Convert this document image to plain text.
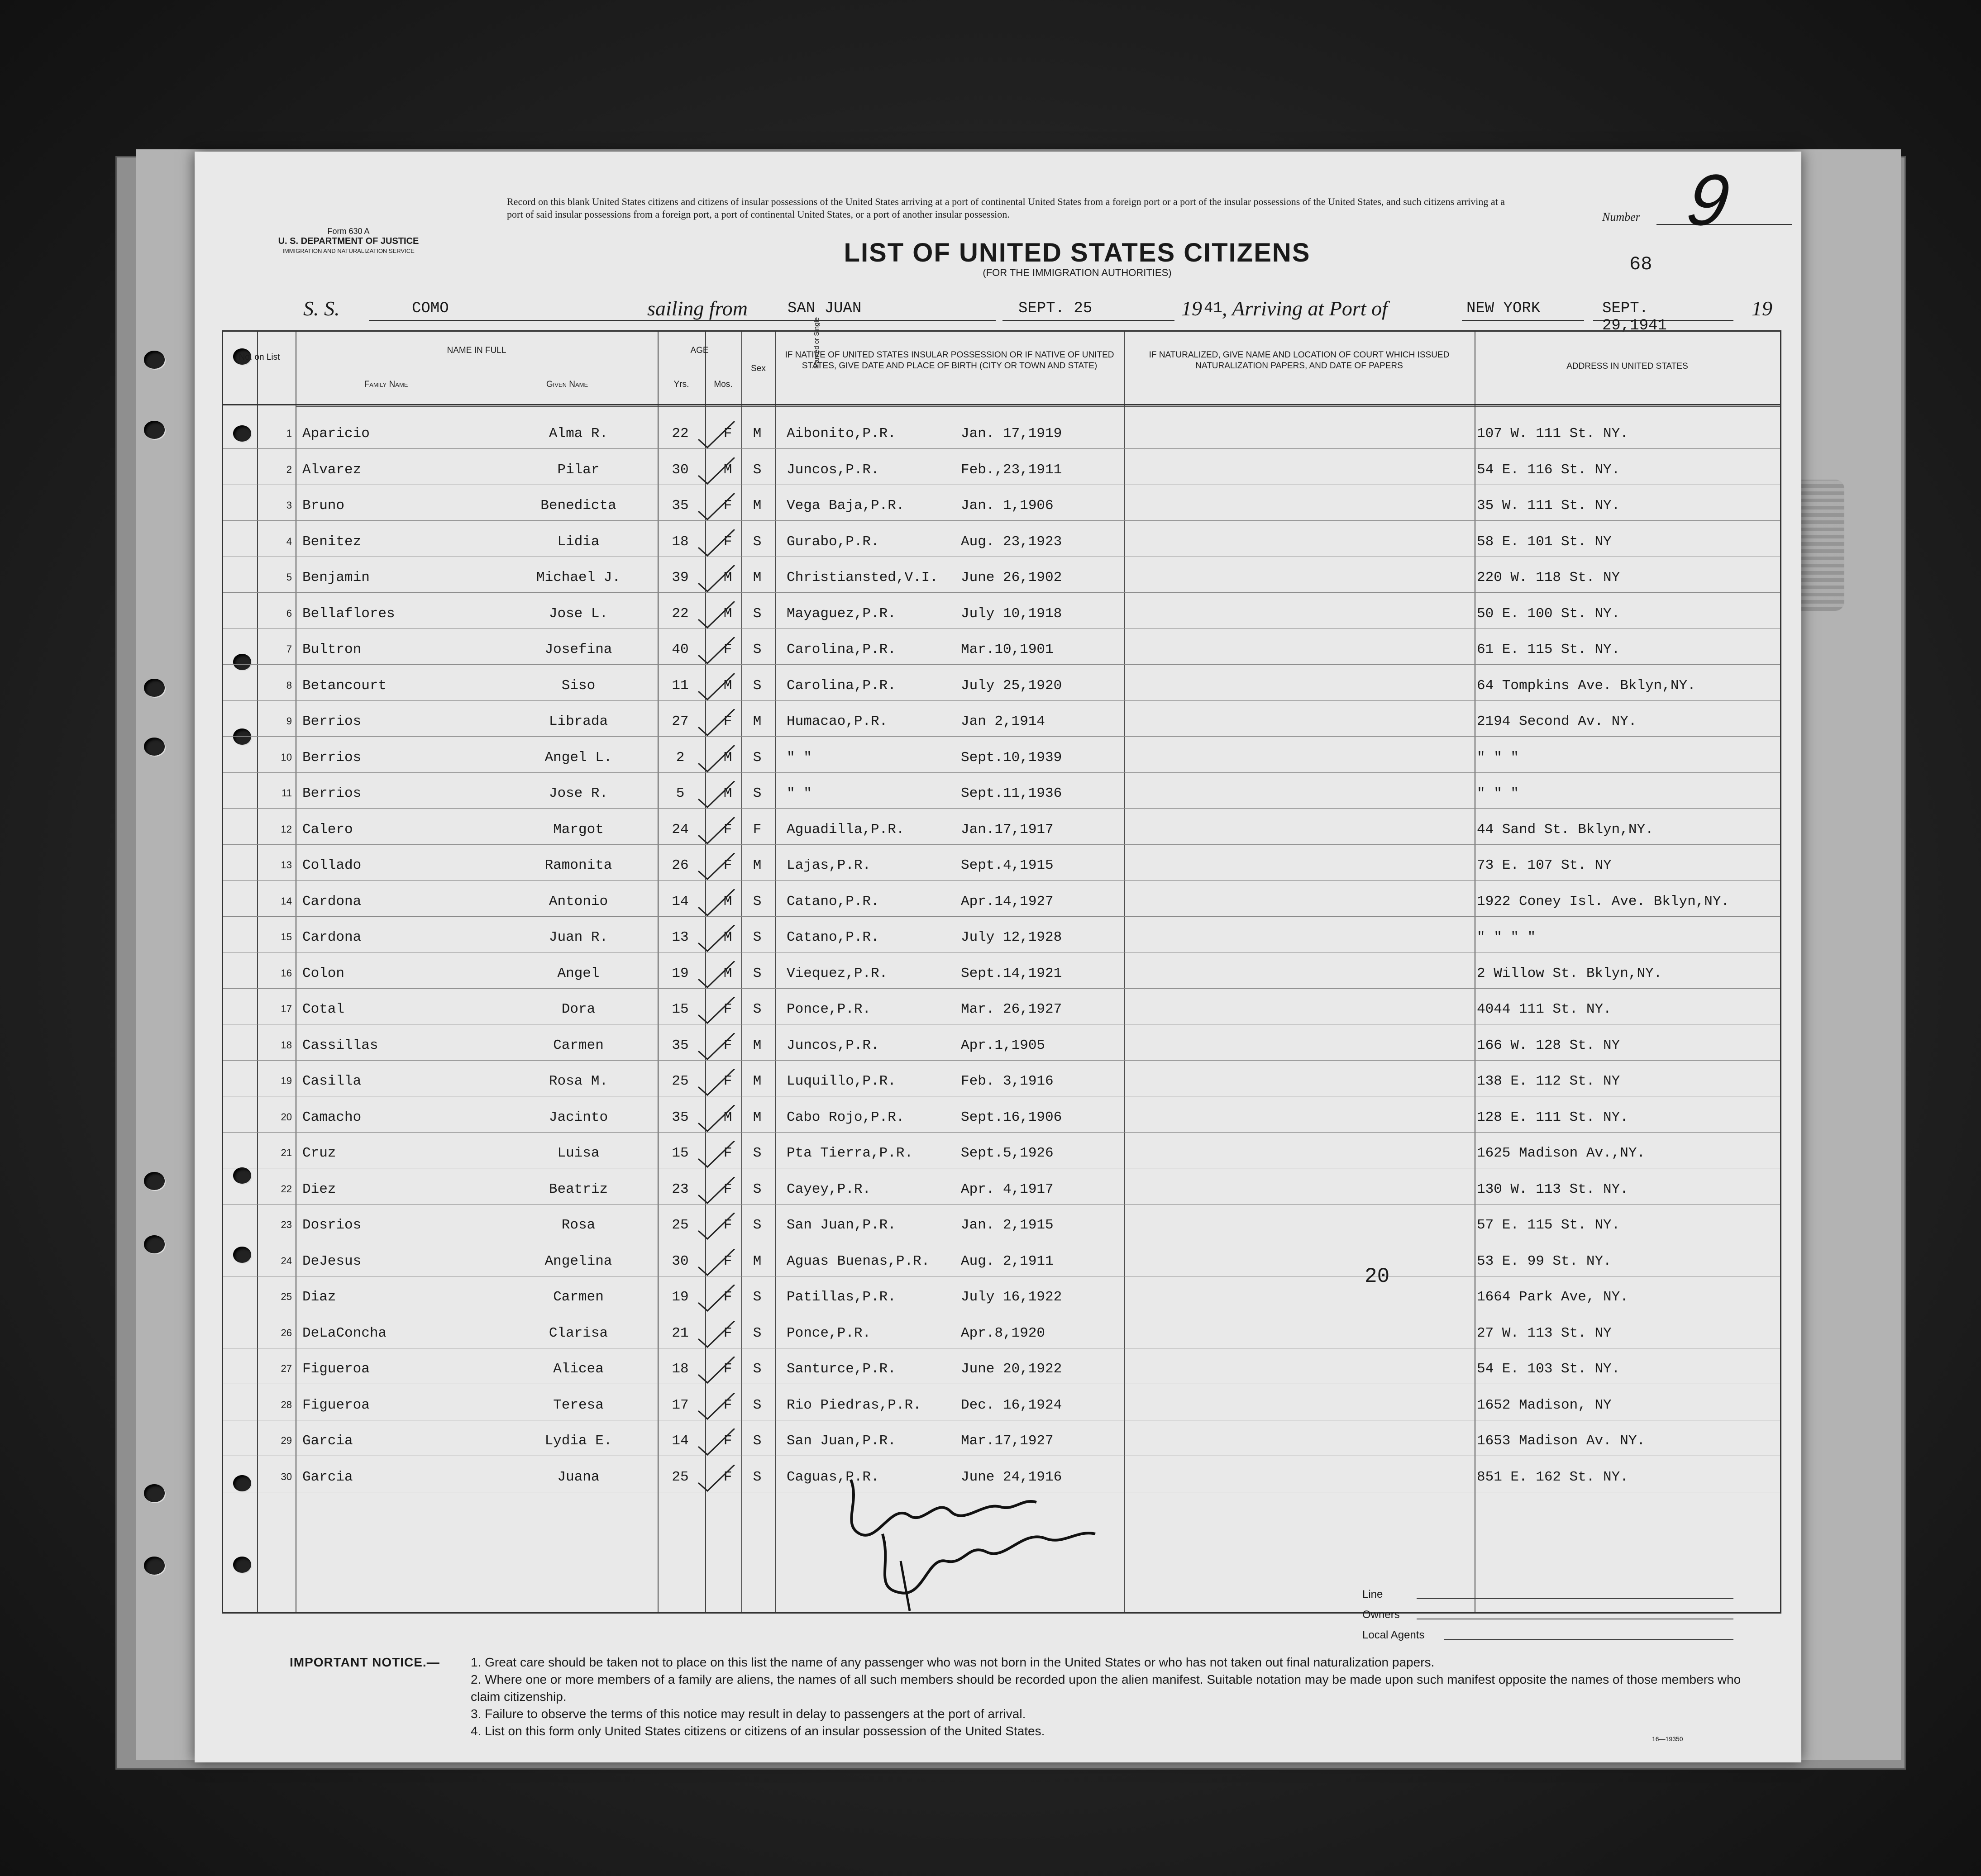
Form 630 A
U. S. DEPARTMENT OF JUSTICE
IMMIGRATION AND NATURALIZATION SERVICE
Record on this blank United States citizens and citizens of insular possessions of the United States arriving at a port of continental United States from a foreign port or a port of the insular possessions of the United States, and such citizens arriving at a port of said insular possessions from a foreign port, a port of continental United States, or a port of another insular possession.	Number 9
LIST OF UNITED STATES CITIZENS
(FOR THE IMMIGRATION AUTHORITIES)	68
S. S.	COMO	sailing from	SAN JUAN	SEPT. 25	19 41 , Arriving at Port of	NEW YORK	SEPT. 29,1941
19
No. on List
NAME IN FULL
Family Name	Given Name
AGE
Yrs.	Mos.
Sex	Married or Single
IF NATIVE OF UNITED STATES INSULAR POSSESSION OR IF NATIVE OF UNITED STATES, GIVE DATE AND PLACE OF BIRTH (CITY OR TOWN AND STATE)
IF NATURALIZED, GIVE NAME AND LOCATION OF COURT WHICH ISSUED NATURALIZATION PAPERS, AND DATE OF PAPERS	ADDRESS IN UNITED STATES
1 Aparicio	Alma R.	22	F	M	Aibonito,P.R.	Jan. 17,1919	107 W. 111 St. NY.
2 Alvarez	Pilar	30	M	S	Juncos,P.R.	Feb.,23,1911	54 E. 116 St. NY.
3 Bruno	Benedicta	35	F	M	Vega Baja,P.R.	Jan. 1,1906	35 W. 111 St. NY.
4 Benitez	Lidia	18	F	S	Gurabo,P.R.	Aug. 23,1923	58 E. 101 St. NY
5 Benjamin	Michael J.	39	M	M	Christiansted,V.I. June 26,1902	220 W. 118 St. NY
6 Bellaflores	Jose L.	22	M	S	Mayaguez,P.R.	July 10,1918	50 E. 100 St. NY.
7 Bultron	Josefina	40	F	S	Carolina,P.R.	Mar.10,1901	61 E. 115 St. NY.
8 Betancourt	Siso	11	M	S	Carolina,P.R.	July 25,1920	64 Tompkins Ave. Bklyn,NY.
9 Berrios	Librada	27	F	M	Humacao,P.R.	Jan 2,1914	2194 Second Av. NY.
10 Berrios	Angel L.	2	M	S	" "	Sept.10,1939	" " "
11 Berrios	Jose R.	5	M	S	" "	Sept.11,1936	" " "
12 Calero	Margot	24	F	F	Aguadilla,P.R.	Jan.17,1917	44 Sand St. Bklyn,NY.
13 Collado	Ramonita	26	F	M	Lajas,P.R.	Sept.4,1915	73 E. 107 St. NY
14 Cardona	Antonio	14	M	S	Catano,P.R.	Apr.14,1927	1922 Coney Isl. Ave. Bklyn,NY.
15 Cardona	Juan R.	13	M	S	Catano,P.R.	July 12,1928	" " " "
16 Colon	Angel	19	M	S	Viequez,P.R.	Sept.14,1921	2 Willow St. Bklyn,NY.
17 Cotal	Dora	15	F	S	Ponce,P.R.	Mar. 26,1927	4044 111 St. NY.
18 Cassillas	Carmen	35	F	M	Juncos,P.R.	Apr.1,1905	166 W. 128 St. NY
19 Casilla	Rosa M.	25	F	M	Luquillo,P.R.	Feb. 3,1916	138 E. 112 St. NY
20 Camacho	Jacinto	35	M	M	Cabo Rojo,P.R.	Sept.16,1906	128 E. 111 St. NY.
21 Cruz	Luisa	15	F	S	Pta Tierra,P.R.	Sept.5,1926	1625 Madison Av.,NY.
22 Diez	Beatriz	23	F	S	Cayey,P.R.	Apr. 4,1917	130 W. 113 St. NY.
23 Dosrios	Rosa	25	F	S	San Juan,P.R.	Jan. 2,1915	57 E. 115 St. NY.
24 DeJesus	Angelina	30	F	M	Aguas Buenas,P.R. Aug. 2,1911	53 E. 99 St. NY.
25 Diaz	Carmen	19	F	S	Patillas,P.R.	July 16,1922	1664 Park Ave, NY.
26 DeLaConcha	Clarisa	21	F	S	Ponce,P.R.	Apr.8,1920	27 W. 113 St. NY
27 Figueroa	Alicea	18	F	S	Santurce,P.R.	June 20,1922	54 E. 103 St. NY.
28 Figueroa	Teresa	17	F	S	Rio Piedras,P.R.	Dec. 16,1924	1652 Madison, NY
29 Garcia	Lydia E.	14	F	S	San Juan,P.R.	Mar.17,1927	1653 Madison Av. NY.
30 Garcia	Juana	25	F	S	Caguas,P.R.	June 24,1916	851 E. 162 St. NY.
20
Line
Owners
Local Agents
IMPORTANT NOTICE.— 1. Great care should be taken not to place on this list the name of any passenger who was not born in the United States or who has not taken out final naturalization papers.
2. Where one or more members of a family are aliens, the names of all such members should be recorded upon the alien manifest. Suitable notation may be made upon such manifest opposite the names of those members who claim citizenship.
3. Failure to observe the terms of this notice may result in delay to passengers at the port of arrival.
4. List on this form only United States citizens or citizens of an insular possession of the United States.
16—19350
